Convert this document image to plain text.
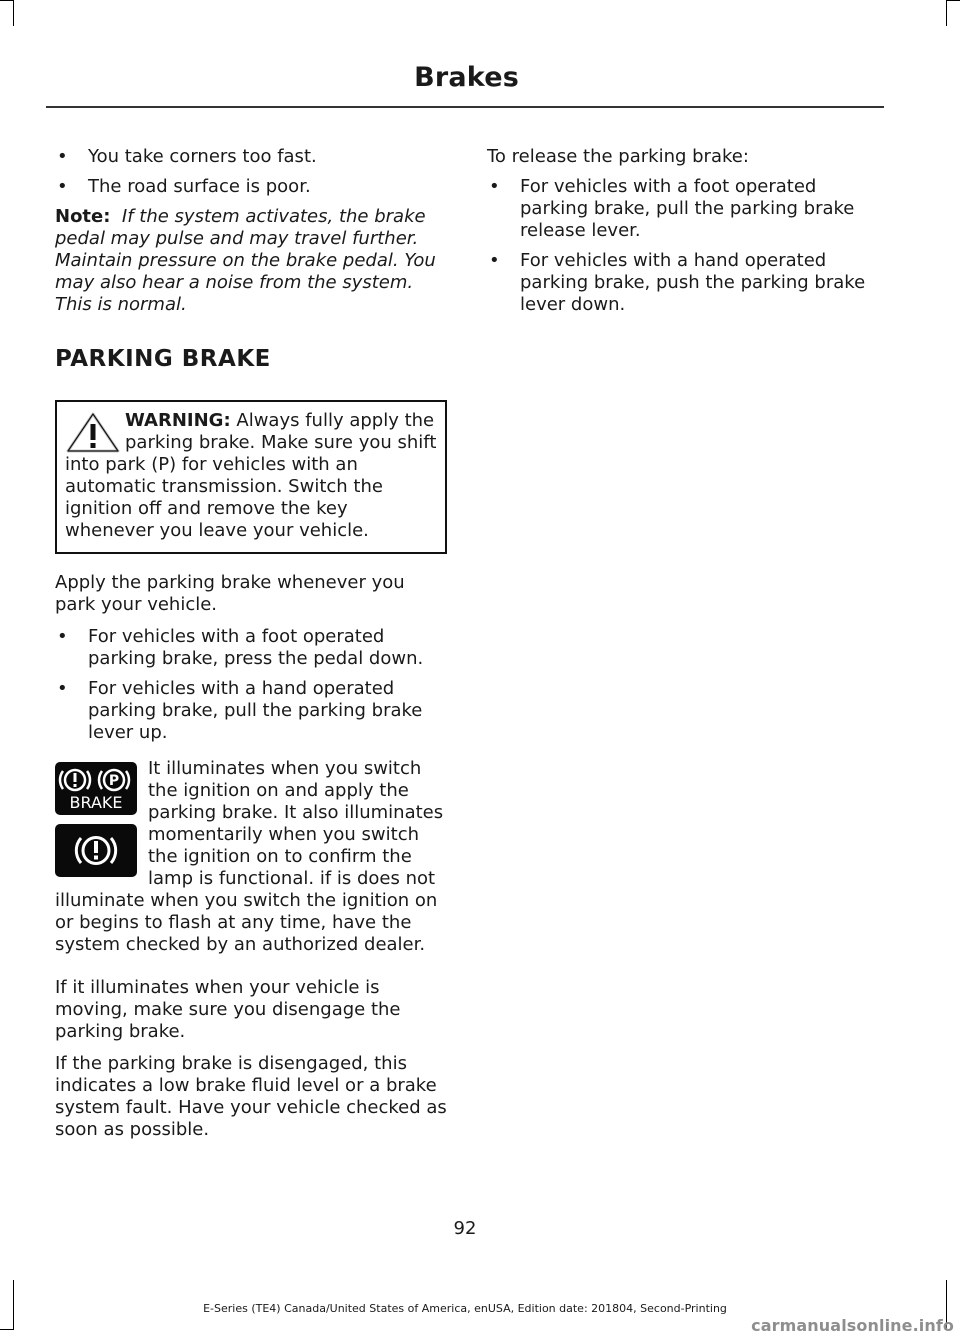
Brakes
• You take corners too fast.
• The road surface is poor.
Note: If the system activates, the brake pedal may pulse and may travel further. Maintain pressure on the brake pedal. You may also hear a noise from the system. This is normal.
PARKING BRAKE
WARNING: Always fully apply the parking brake. Make sure you shift into park (P) for vehicles with an automatic transmission. Switch the ignition off and remove the key whenever you leave your vehicle.

Apply the parking brake whenever you park your vehicle.

• For vehicles with a foot operated parking brake, press the pedal down.
• For vehicles with a hand operated parking brake, pull the parking brake lever up.
P
BRAKE

It illuminates when you switch the ignition on and apply the parking brake. It also illuminates momentarily when you switch the ignition on to confirm the lamp is functional. if is does not illuminate when you switch the ignition on or begins to flash at any time, have the system checked by an authorized dealer.

If it illuminates when your vehicle is moving, make sure you disengage the parking brake.

If the parking brake is disengaged, this indicates a low brake fluid level or a brake system fault. Have your vehicle checked as soon as possible.

To release the parking brake:

• For vehicles with a foot operated parking brake, pull the parking brake release lever.
• For vehicles with a hand operated parking brake, push the parking brake lever down.
92
E-Series (TE4) Canada/United States of America, enUSA, Edition date: 201804, Second-Printing
carmanualsonline.info
